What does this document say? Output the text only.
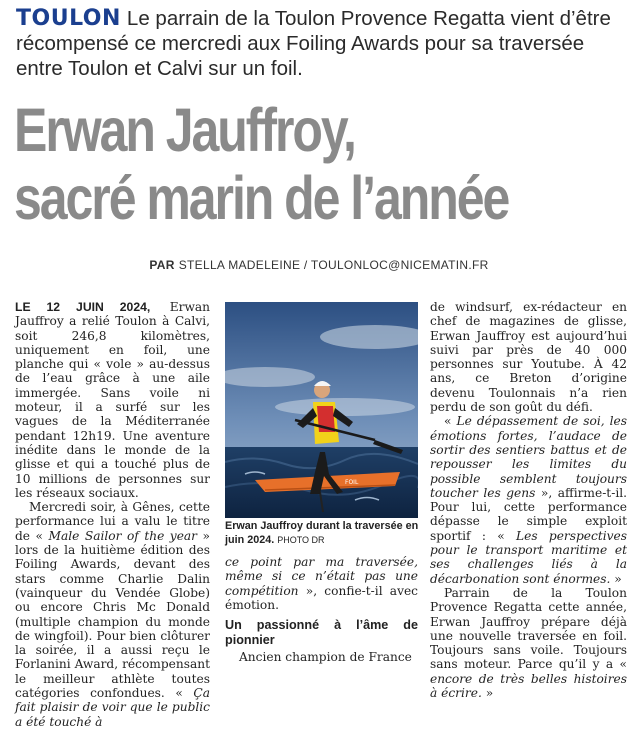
TOULON Le parrain de la Toulon Provence Regatta vient d’être récompensé ce mercredi aux Foiling Awards pour sa traversée entre Toulon et Calvi sur un foil.
Erwan Jauffroy,
sacré marin de l’année
PAR STELLA MADELEINE / TOULONLOC@NICEMATIN.FR

LE 12 JUIN 2024, Erwan Jauffroy a relié Toulon à Calvi, soit 246,8 kilomètres, uniquement en foil, une planche qui « vole » au-dessus de l’eau grâce à une aile immergée. Sans voile ni moteur, il a surfé sur les vagues de la Méditerranée pendant 12h19. Une aventure inédite dans le monde de la glisse et qui a touché plus de 10 millions de personnes sur les réseaux sociaux.

Mercredi soir, à Gênes, cette performance lui a valu le titre de « Male Sailor of the year » lors de la huitième édition des Foiling Awards, devant des stars comme Charlie Dalin (vainqueur du Vendée Globe) ou encore Chris Mc Donald (multiple champion du monde de wingfoil). Pour bien clôturer la soirée, il a aussi reçu le Forlanini Award, récompensant le meilleur athlète toutes catégories confondues. « Ça fait plaisir de voir que le public a été touché à

FOIL
Erwan Jauffroy durant la traversée en juin 2024. PHOTO DR

ce point par ma traversée, même si ce n’était pas une compétition », confie-t-il avec émotion.

Un passionné à l’âme de pionnier

Ancien champion de France

de windsurf, ex-rédacteur en chef de magazines de glisse, Erwan Jauffroy est aujourd’hui suivi par près de 40 000 personnes sur Youtube. À 42 ans, ce Breton d’origine devenu Toulonnais n’a rien perdu de son goût du défi.

« Le dépassement de soi, les émotions fortes, l’audace de sortir des sentiers battus et de repousser les limites du possible semblent toujours toucher les gens », affirme-t-il. Pour lui, cette performance dépasse le simple exploit sportif : « Les perspectives pour le transport maritime et ses challenges liés à la décarbonation sont énormes. »

Parrain de la Toulon Provence Regatta cette année, Erwan Jauffroy prépare déjà une nouvelle traversée en foil. Toujours sans voile. Toujours sans moteur. Parce qu’il y a « encore de très belles histoires à écrire. »
